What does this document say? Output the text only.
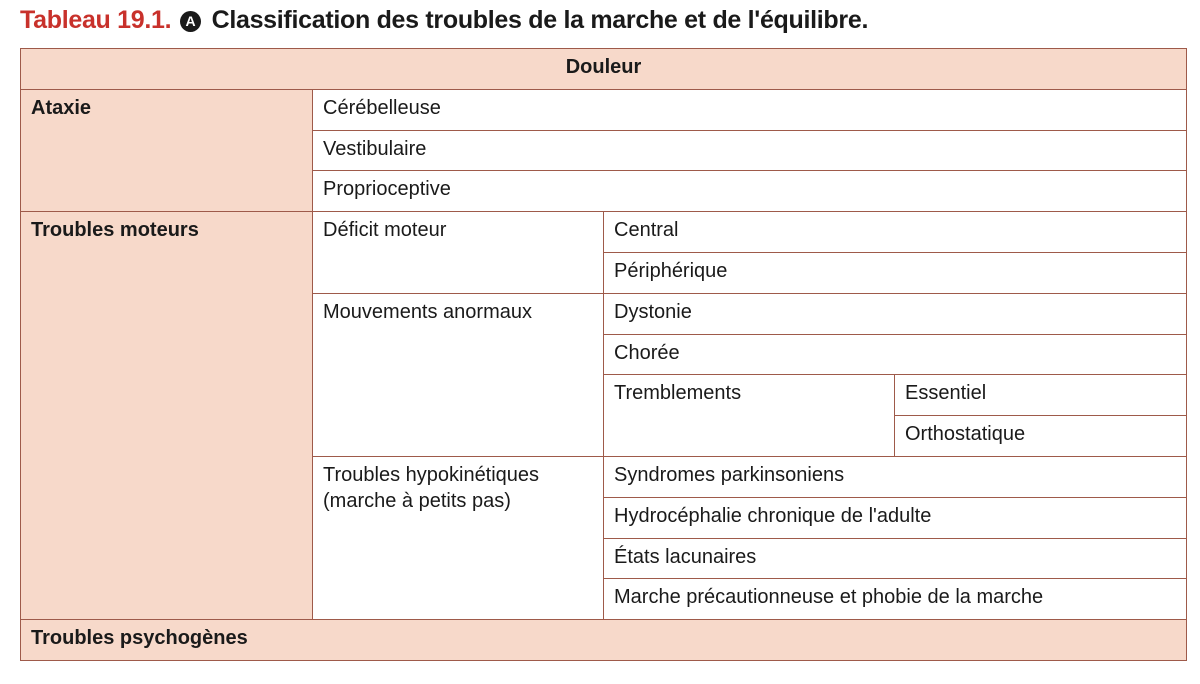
Tableau 19.1. A Classification des troubles de la marche et de l'équilibre.
Douleur			
Ataxie	Cérébelleuse		
	Vestibulaire		
	Proprioceptive		
Troubles moteurs	Déficit moteur	Central	
		Périphérique	
	Mouvements anormaux	Dystonie	
		Chorée	
		Tremblements	Essentiel
			Orthostatique
	Troubles hypokinétiques (marche à petits pas)	Syndromes parkinsoniens	
		Hydrocéphalie chronique de l'adulte	
		États lacunaires	
		Marche précautionneuse et phobie de la marche	
Troubles psychogènes			
